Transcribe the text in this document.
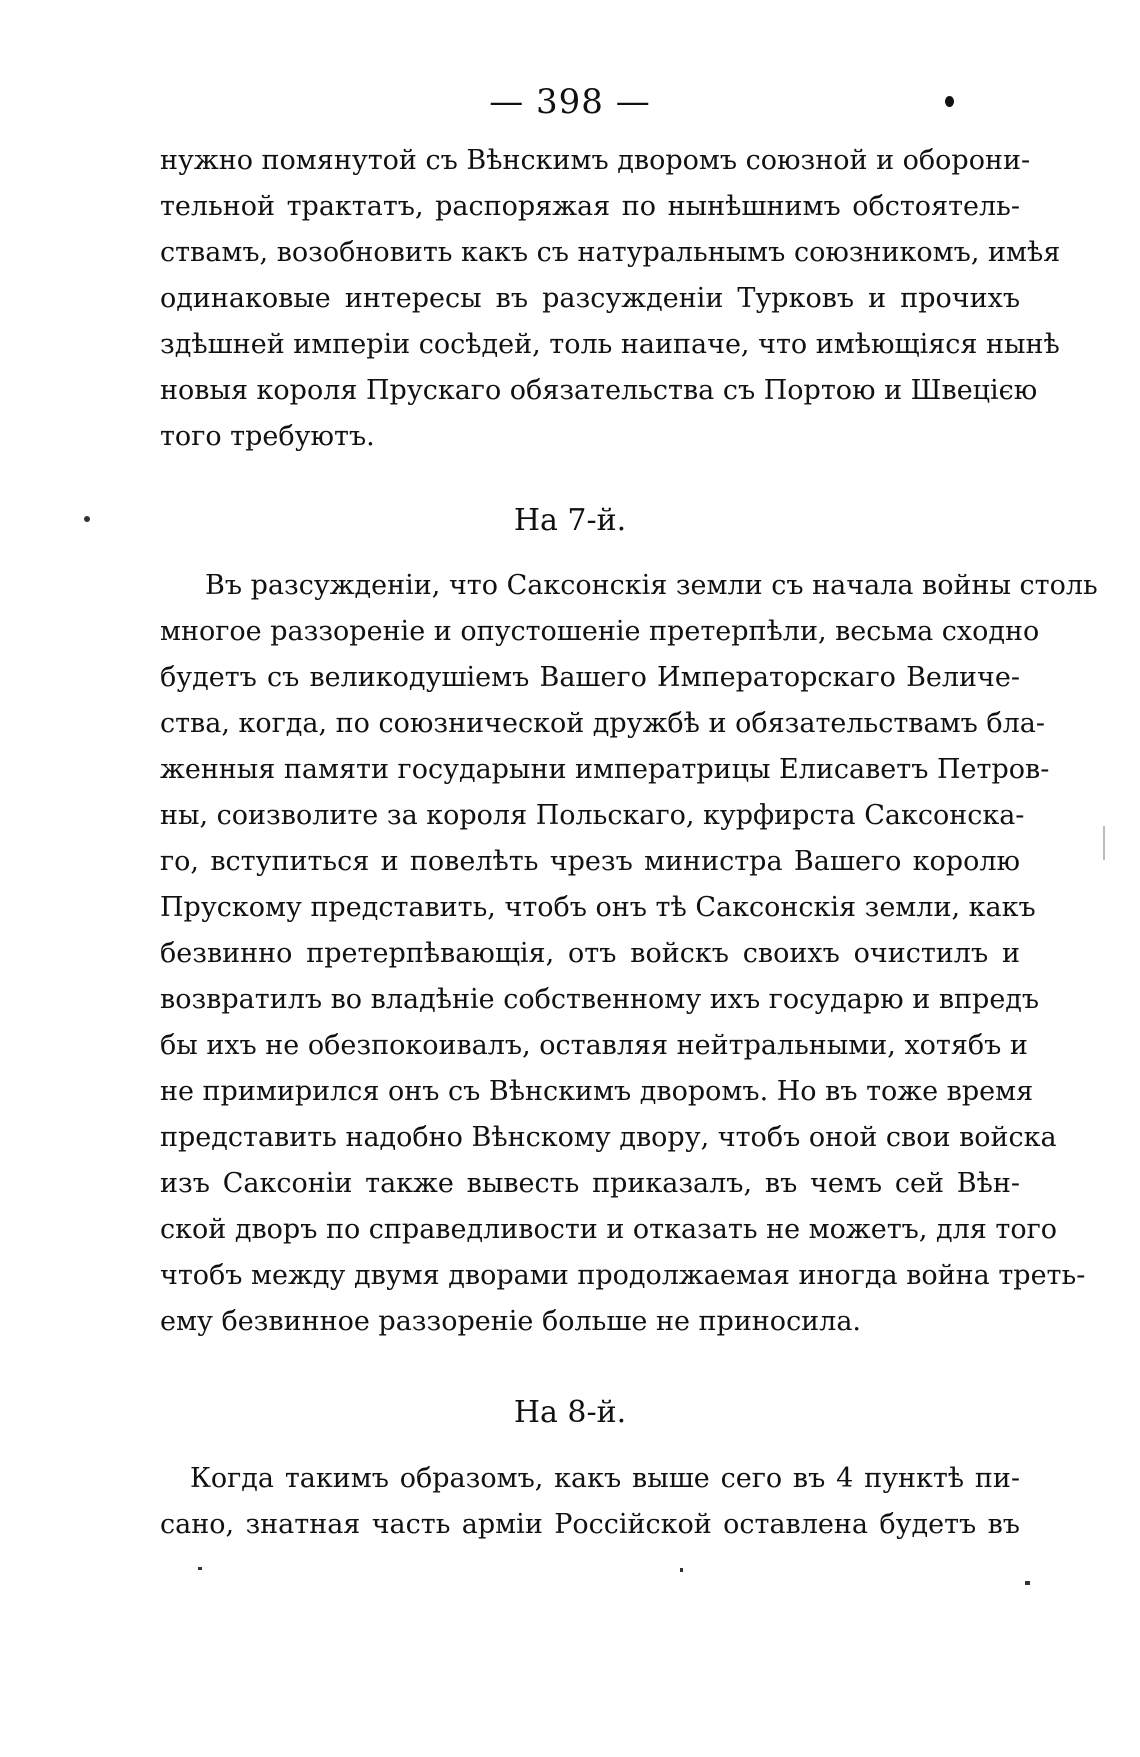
— 398 —
нужно помянутой съ Вѣнскимъ дворомъ союзной и оборони-
тельной трактатъ, распоряжая по нынѣшнимъ обстоятель-
ствамъ, возобновить какъ съ натуральнымъ союзникомъ, имѣя
одинаковые интересы въ разсужденіи Турковъ и прочихъ
здѣшней имперіи сосѣдей, толь наипаче, что имѣющіяся нынѣ
новыя короля Прускаго обязательства съ Портою и Швецією
того требуютъ.
На 7-й.
Въ разсужденіи, что Саксонскія земли съ начала войны столь
многое раззореніе и опустошеніе претерпѣли, весьма сходно
будетъ съ великодушіемъ Вашего Императорскаго Величе-
ства, когда, по союзнической дружбѣ и обязательствамъ бла-
женныя памяти государыни императрицы Елисаветъ Петров-
ны, соизволите за короля Польскаго, курфирста Саксонска-
го, вступиться и повелѣть чрезъ министра Вашего королю
Прускому представить, чтобъ онъ тѣ Саксонскія земли, какъ
безвинно претерпѣвающія, отъ войскъ своихъ очистилъ и
возвратилъ во владѣніе собственному ихъ государю и впредъ
бы ихъ не обезпокоивалъ, оставляя нейтральными, хотябъ и
не примирился онъ съ Вѣнскимъ дворомъ. Но въ тоже время
представить надобно Вѣнскому двору, чтобъ оной свои войска
изъ Саксоніи также вывесть приказалъ, въ чемъ сей Вѣн-
ской дворъ по справедливости и отказать не можетъ, для того
чтобъ между двумя дворами продолжаемая иногда война треть-
ему безвинное раззореніе больше не приносила.
На 8-й.
Когда такимъ образомъ, какъ выше сего въ 4 пунктѣ пи-
сано, знатная часть арміи Россійской оставлена будетъ въ
